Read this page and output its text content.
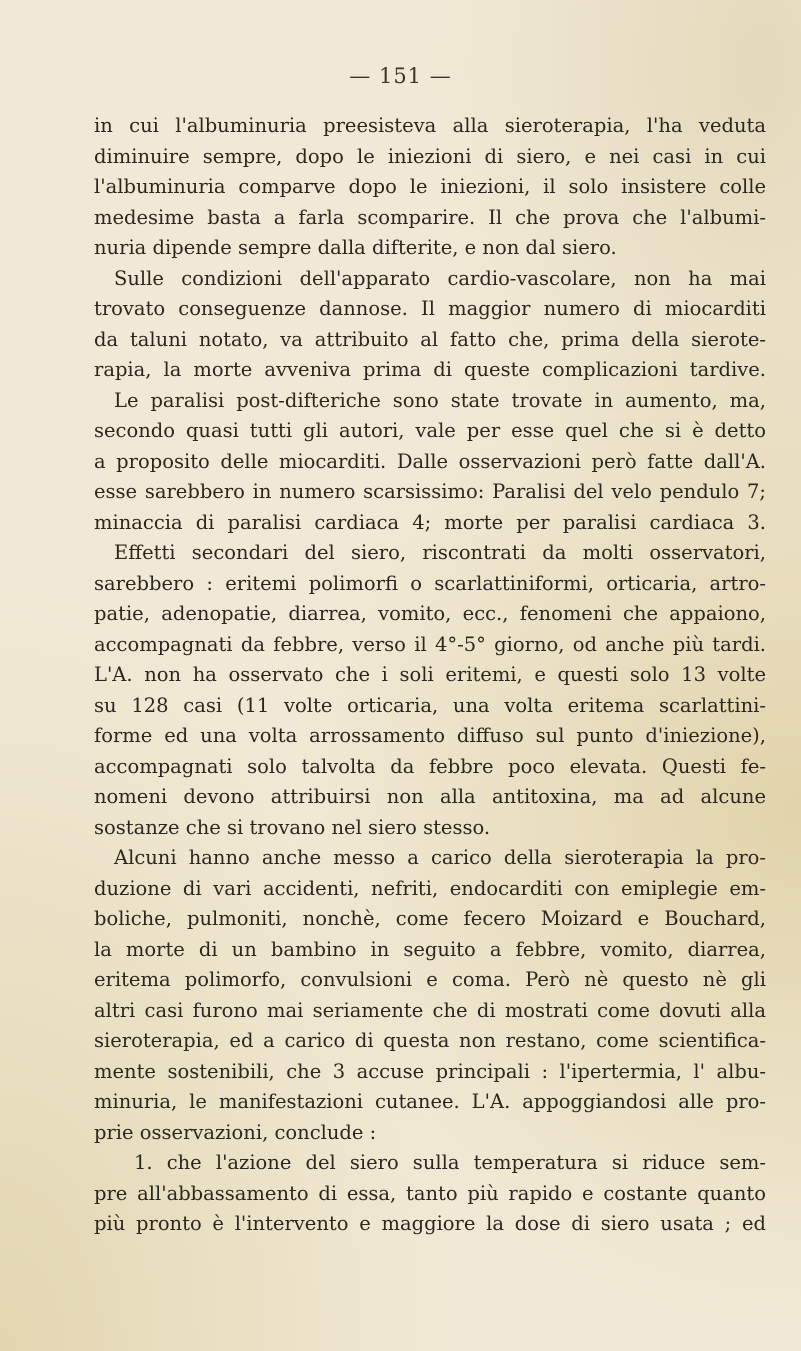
— 151 —
in cui l'albuminuria preesisteva alla sieroterapia, l'ha veduta
diminuire sempre, dopo le iniezioni di siero, e nei casi in cui
l'albuminuria comparve dopo le iniezioni, il solo insistere colle
medesime basta a farla scomparire. Il che prova che l'albumi-
nuria dipende sempre dalla difterite, e non dal siero.
Sulle condizioni dell'apparato cardio-vascolare, non ha mai
trovato conseguenze dannose. Il maggior numero di miocarditi
da taluni notato, va attribuito al fatto che, prima della sierote-
rapia, la morte avveniva prima di queste complicazioni tardive.
Le paralisi post-difteriche sono state trovate in aumento, ma,
secondo quasi tutti gli autori, vale per esse quel che si è detto
a proposito delle miocarditi. Dalle osservazioni però fatte dall'A.
esse sarebbero in numero scarsissimo: Paralisi del velo pendulo 7;
minaccia di paralisi cardiaca 4; morte per paralisi cardiaca 3.
Effetti secondari del siero, riscontrati da molti osservatori,
sarebbero : eritemi polimorfi o scarlattiniformi, orticaria, artro-
patie, adenopatie, diarrea, vomito, ecc., fenomeni che appaiono,
accompagnati da febbre, verso il 4°-5° giorno, od anche più tardi.
L'A. non ha osservato che i soli eritemi, e questi solo 13 volte
su 128 casi (11 volte orticaria, una volta eritema scarlattini-
forme ed una volta arrossamento diffuso sul punto d'iniezione),
accompagnati solo talvolta da febbre poco elevata. Questi fe-
nomeni devono attribuirsi non alla antitoxina, ma ad alcune
sostanze che si trovano nel siero stesso.
Alcuni hanno anche messo a carico della sieroterapia la pro-
duzione di vari accidenti, nefriti, endocarditi con emiplegie em-
boliche, pulmoniti, nonchè, come fecero Moizard e Bouchard,
la morte di un bambino in seguito a febbre, vomito, diarrea,
eritema polimorfo, convulsioni e coma. Però nè questo nè gli
altri casi furono mai seriamente che di mostrati come dovuti alla
sieroterapia, ed a carico di questa non restano, come scientifica-
mente sostenibili, che 3 accuse principali : l'ipertermia, l' albu-
minuria, le manifestazioni cutanee. L'A. appoggiandosi alle pro-
prie osservazioni, conclude :
1. che l'azione del siero sulla temperatura si riduce sem-
pre all'abbassamento di essa, tanto più rapido e costante quanto
più pronto è l'intervento e maggiore la dose di siero usata ; ed
